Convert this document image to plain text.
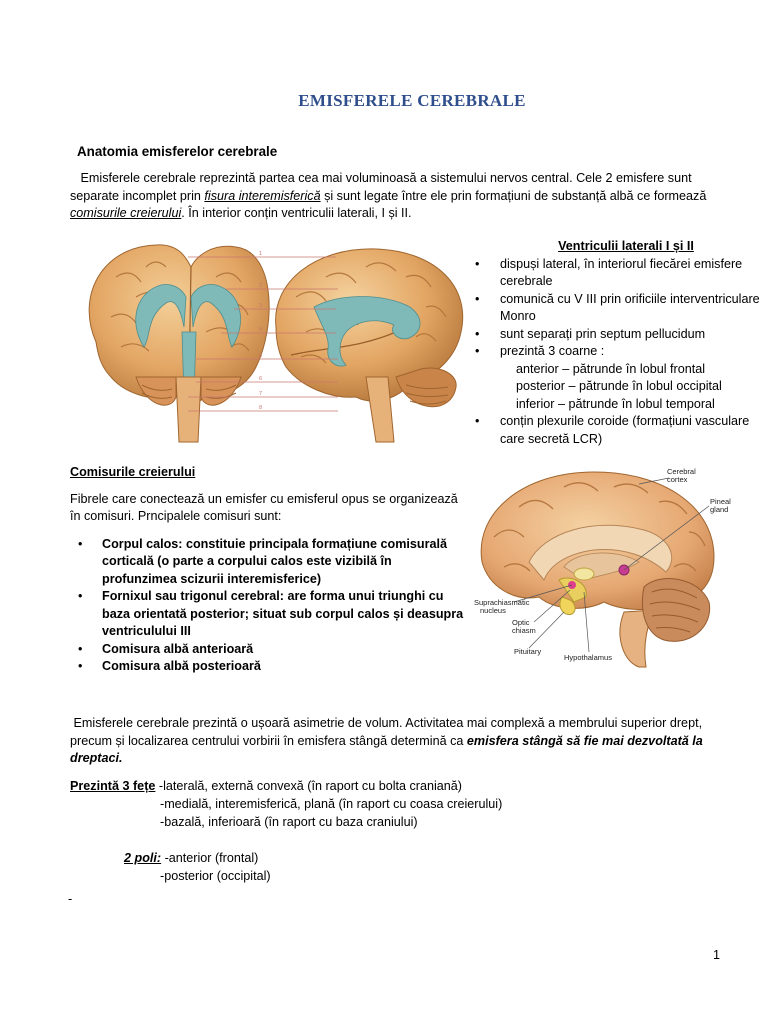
EMISFERELE CEREBRALE
Anatomia emisferelor cerebrale

Emisferele cerebrale reprezintă partea cea mai voluminoasă a sistemului nervos central. Cele 2 emisfere sunt separate incomplet prin fisura interemisferică și sunt legate între ele prin formațiuni de substanță albă ce formează comisurile creierului. În interior conțin ventriculii laterali, I și II.

1
2
3
4
5
6
7
8
Ventriculii laterali I și II
• dispuși lateral, în interiorul fiecărei emisfere cerebrale
• comunică cu V III prin orificiile interventriculare Monro
• sunt separați prin septum pellucidum
• prezintă 3 coarne :
anterior – pătrunde în lobul frontal
posterior – pătrunde în lobul occipital
inferior – pătrunde în lobul temporal
• conțin plexurile coroide (formațiuni vasculare care secretă LCR)
Comisurile creierului

Fibrele care conectează un emisfer cu emisferul opus se organizează în comisuri. Prncipalele comisuri sunt:

• Corpul calos: constituie principala formațiune comisurală corticală (o parte a corpului calos este vizibilă în profunzimea scizurii interemisferice)
• Fornixul sau trigonul cerebral: are forma unui triunghi cu baza orientată posterior; situat sub corpul calos și deasupra ventriculului III
• Comisura albă anterioară
• Comisura albă posterioară
Cerebral
cortex
Pineal
gland
Suprachiasmatic
nucleus
Optic
chiasm
Pituitary
Hypothalamus

Emisferele cerebrale prezintă o ușoară asimetrie de volum. Activitatea mai complexă a membrului superior drept, precum și localizarea centrului vorbirii în emisfera stângă determină ca emisfera stângă să fie mai dezvoltată la dreptaci.

Prezintă 3 fețe -laterală, externă convexă (în raport cu bolta craniană)
-medială, interemisferică, plană (în raport cu coasa creierului)
-bazală, inferioară (în raport cu baza craniului)
2 poli: -anterior (frontal)
-posterior (occipital)
-
1
